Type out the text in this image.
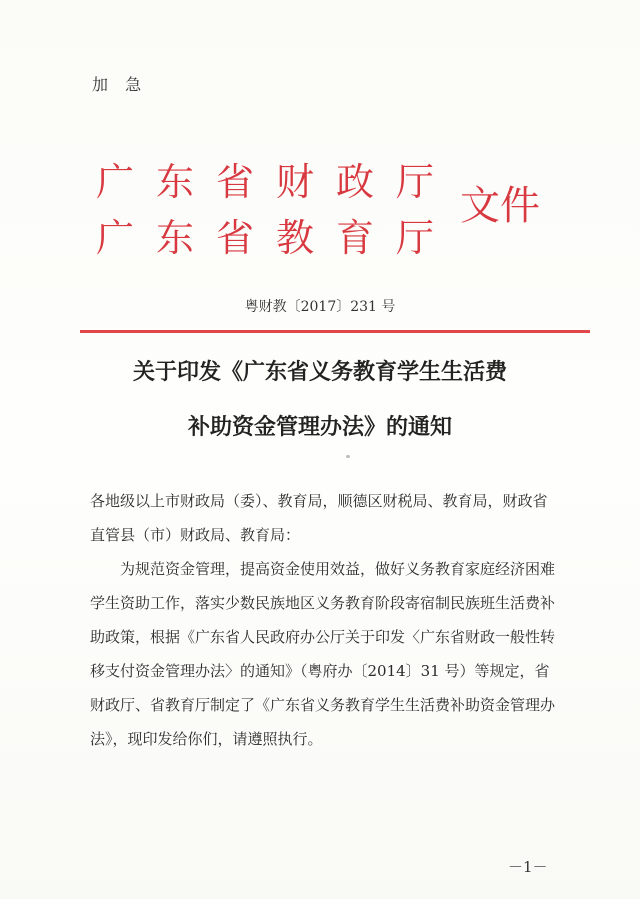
加 急
广东省财政厅
广东省教育厅
文件
粤财教〔2017〕231 号
关于印发《广东省义务教育学生生活费
补助资金管理办法》的通知

各地级以上市财政局（委）、教育局，顺德区财税局、教育局，财政省直管县（市）财政局、教育局：

为规范资金管理，提高资金使用效益，做好义务教育家庭经济困难学生资助工作，落实少数民族地区义务教育阶段寄宿制民族班生活费补助政策，根据《广东省人民政府办公厅关于印发〈广东省财政一般性转移支付资金管理办法〉的通知》（粤府办〔2014〕31 号）等规定，省财政厅、省教育厅制定了《广东省义务教育学生生活费补助资金管理办法》，现印发给你们，请遵照执行。

－1－
